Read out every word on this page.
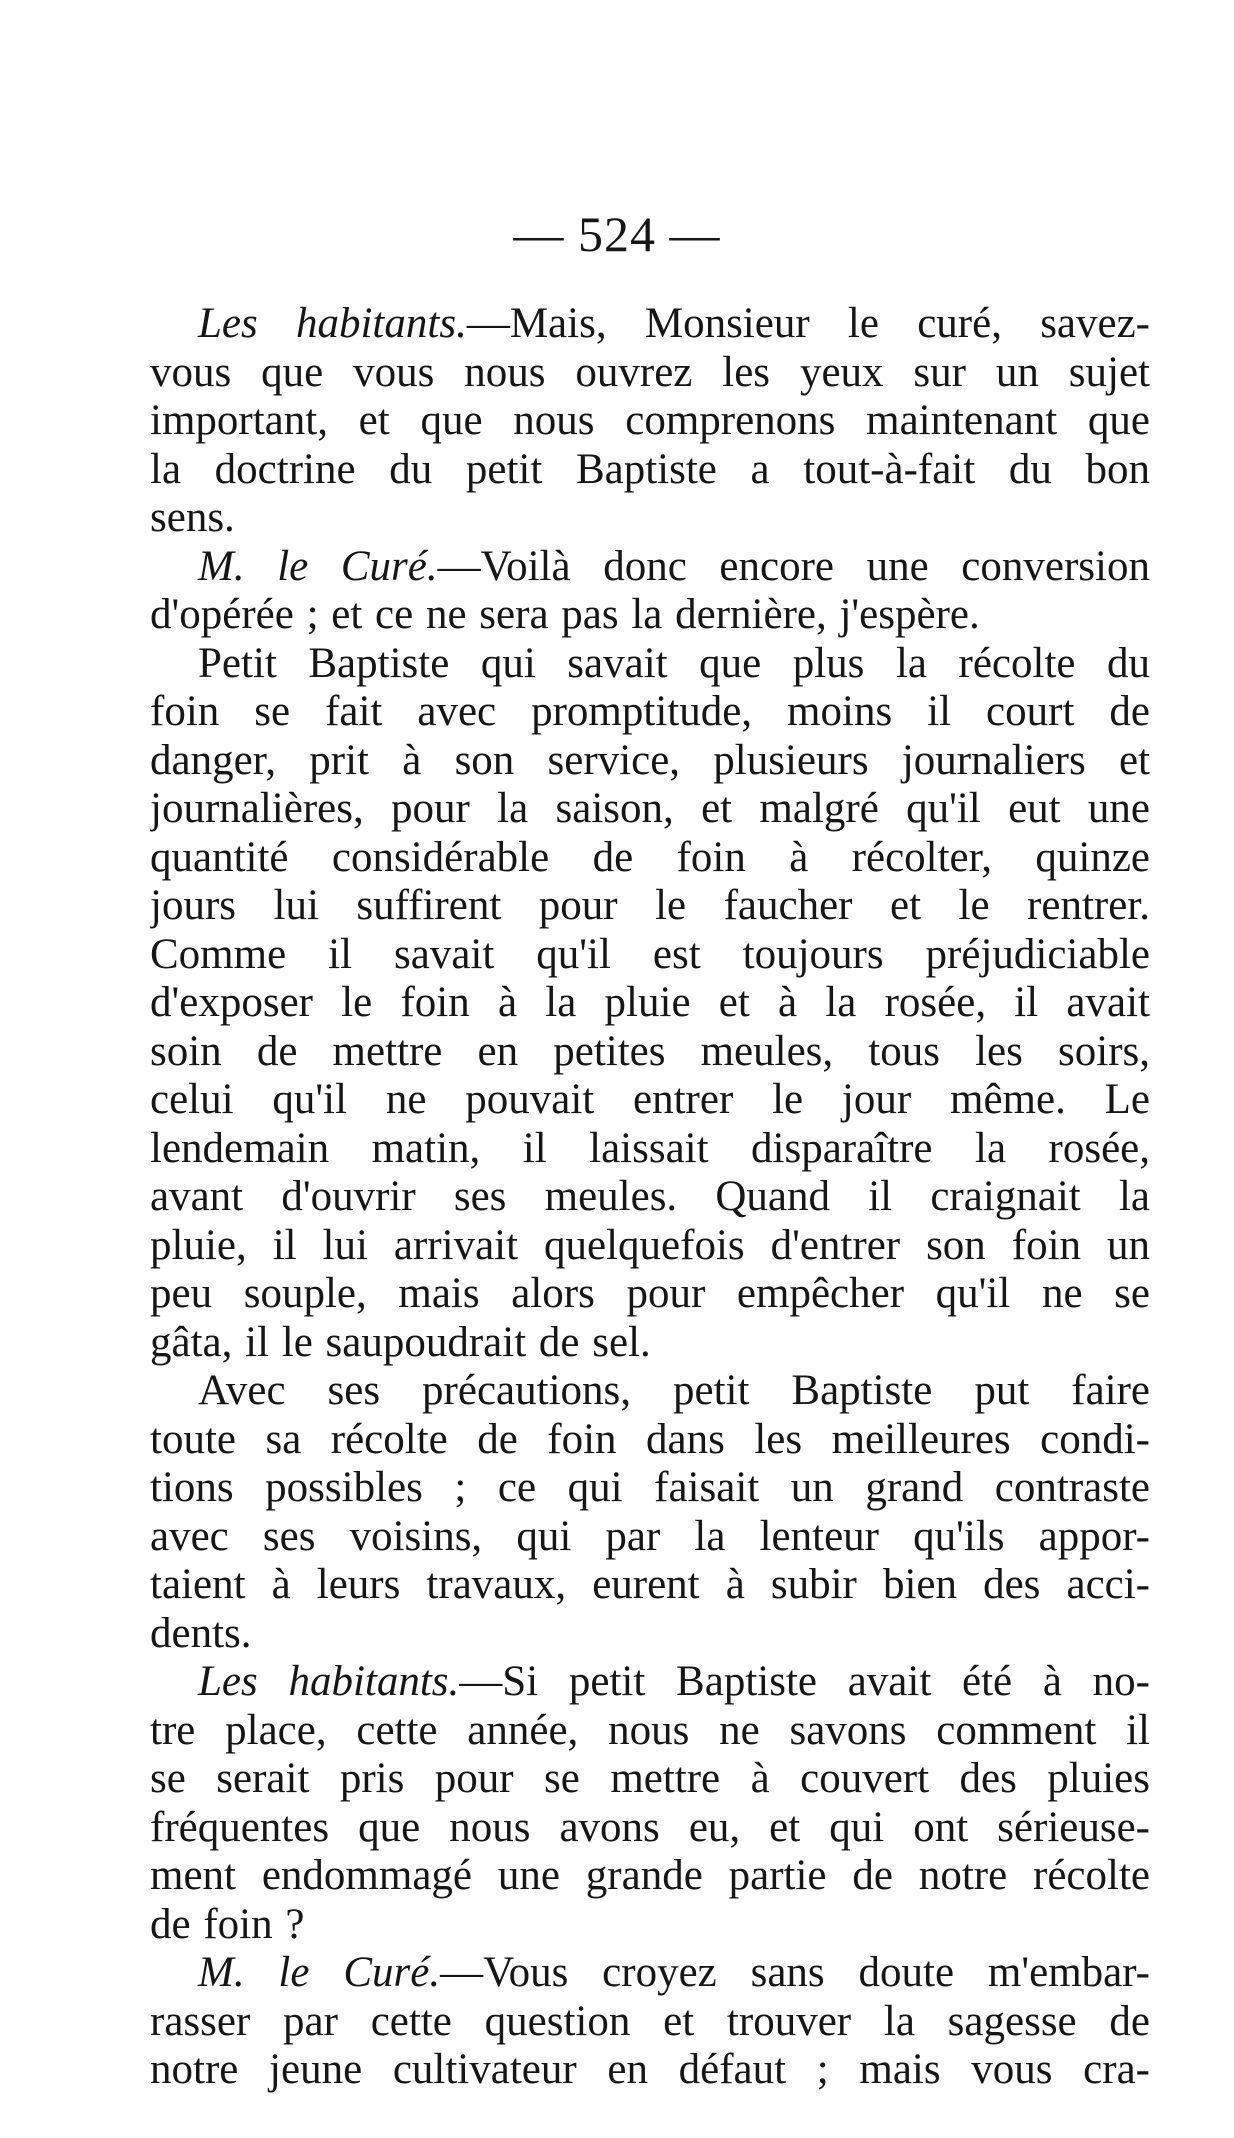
— 524 —
Les habitants.—Mais, Monsieur le curé, savez-
vous que vous nous ouvrez les yeux sur un sujet
important, et que nous comprenons maintenant que
la doctrine du petit Baptiste a tout-à-fait du bon
sens.
M. le Curé.—Voilà donc encore une conversion
d'opérée ; et ce ne sera pas la dernière, j'espère.
Petit Baptiste qui savait que plus la récolte du
foin se fait avec promptitude, moins il court de
danger, prit à son service, plusieurs journaliers et
journalières, pour la saison, et malgré qu'il eut une
quantité considérable de foin à récolter, quinze
jours lui suffirent pour le faucher et le rentrer.
Comme il savait qu'il est toujours préjudiciable
d'exposer le foin à la pluie et à la rosée, il avait
soin de mettre en petites meules, tous les soirs,
celui qu'il ne pouvait entrer le jour même. Le
lendemain matin, il laissait disparaître la rosée,
avant d'ouvrir ses meules. Quand il craignait la
pluie, il lui arrivait quelquefois d'entrer son foin un
peu souple, mais alors pour empêcher qu'il ne se
gâta, il le saupoudrait de sel.
Avec ses précautions, petit Baptiste put faire
toute sa récolte de foin dans les meilleures condi-
tions possibles ; ce qui faisait un grand contraste
avec ses voisins, qui par la lenteur qu'ils appor-
taient à leurs travaux, eurent à subir bien des acci-
dents.
Les habitants.—Si petit Baptiste avait été à no-
tre place, cette année, nous ne savons comment il
se serait pris pour se mettre à couvert des pluies
fréquentes que nous avons eu, et qui ont sérieuse-
ment endommagé une grande partie de notre récolte
de foin ?
M. le Curé.—Vous croyez sans doute m'embar-
rasser par cette question et trouver la sagesse de
notre jeune cultivateur en défaut ; mais vous cra-
